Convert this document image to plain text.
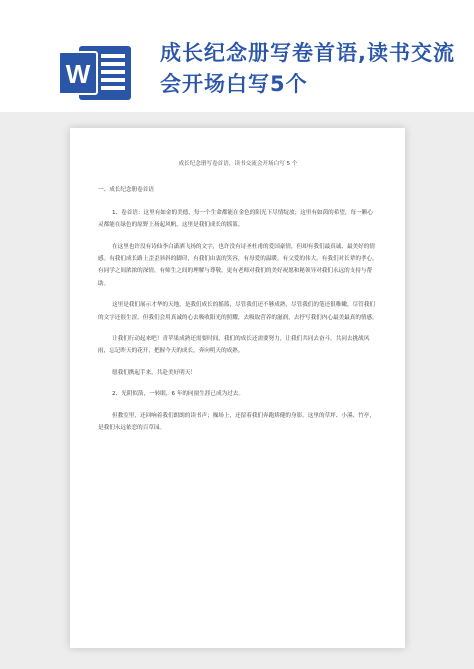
W
成长纪念册写卷首语,读书交流会开场白写5个

成长纪念册写卷首语，读书交流会开场白写 5 个

一、成长纪念册卷首语

1、卷首语：这里有如金的美德，每一个生命都能在金色的阳光下尽情绽放；这里有如茵的希望，每一颗心灵都能在绿色的原野上扬起风帆。这里是我们成长的摇篮。

在这里也许没有诗仙李白潇洒飞扬的文字，也许没有诗圣杜甫的爱国豪情，但却有我们最真诚、最美好的情感。有我们成长路上歪歪斜斜的脚印，有我们由衷的笑容，有母爱的温暖，有父爱的伟大，有我们对长辈的孝心，有同学之间浓浓的深情，有师生之间的理解与尊敬，更有老师对我们的美好祝愿和秘领导对我们永远的支持与帮助。

这里是我们展示才华的天地，是我们成长的摇篮，尽管我们还不够成熟，尽管我们的笔还很稚嫩，尽管我们的文字还很生涩，但我们会用真诚的心去吸收阳光的照耀，去吸取营养的滋润，去抒写我们内心最美最真的情感。

让我们行动起来吧！青苹果成熟还需要时间，我们的成长还需要努力，让我们共同去奋斗，共同去挑战风雨，忘记昨天的花开，把握今天的成长，奔向明天的成熟。

愿我们携起手来，共赴美好明天！

2、光阴似箭，一转眼，6 年的同窗生涯已成为过去。

但教室里，还回响着我们朗朗的读书声；操场上，还留着我们奔跑矫健的身影。这里的草坪、小溪、竹亭，是我们永远依恋的百草园。
